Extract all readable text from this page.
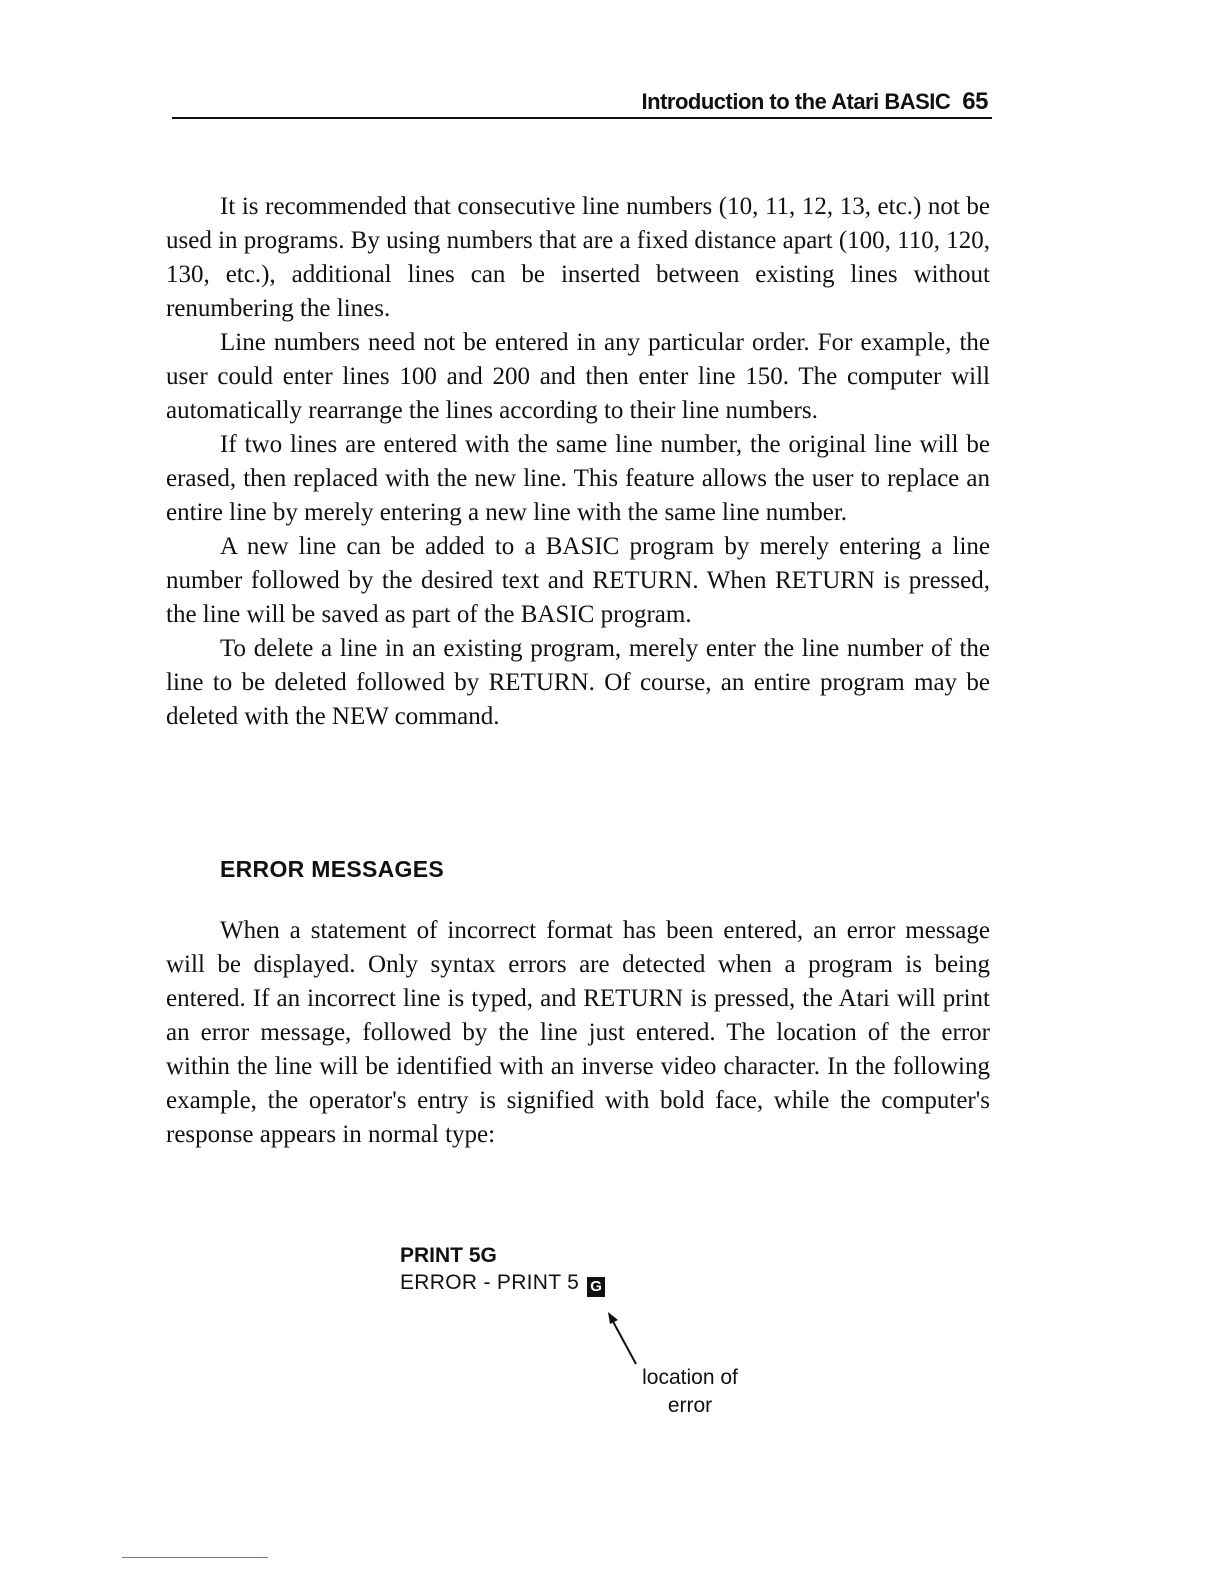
Introduction to the Atari BASIC 65

It is recommended that consecutive line numbers (10, 11, 12, 13, etc.) not be used in programs. By using numbers that are a fixed distance apart (100, 110, 120, 130, etc.), additional lines can be inserted between existing lines without renumbering the lines.

Line numbers need not be entered in any particular order. For example, the user could enter lines 100 and 200 and then enter line 150. The computer will automatically rearrange the lines according to their line numbers.

If two lines are entered with the same line number, the original line will be erased, then replaced with the new line. This feature allows the user to replace an entire line by merely entering a new line with the same line number.

A new line can be added to a BASIC program by merely entering a line number followed by the desired text and RETURN. When RETURN is pressed, the line will be saved as part of the BASIC program.

To delete a line in an existing program, merely enter the line number of the line to be deleted followed by RETURN. Of course, an entire program may be deleted with the NEW command.

ERROR MESSAGES

When a statement of incorrect format has been entered, an error message will be displayed. Only syntax errors are detected when a program is being entered. If an incorrect line is typed, and RETURN is pressed, the Atari will print an error message, followed by the line just entered. The location of the error within the line will be identified with an inverse video character. In the following example, the operator's entry is signified with bold face, while the computer's response appears in normal type:

PRINT 5G
ERROR - PRINT 5 G
location of
error
